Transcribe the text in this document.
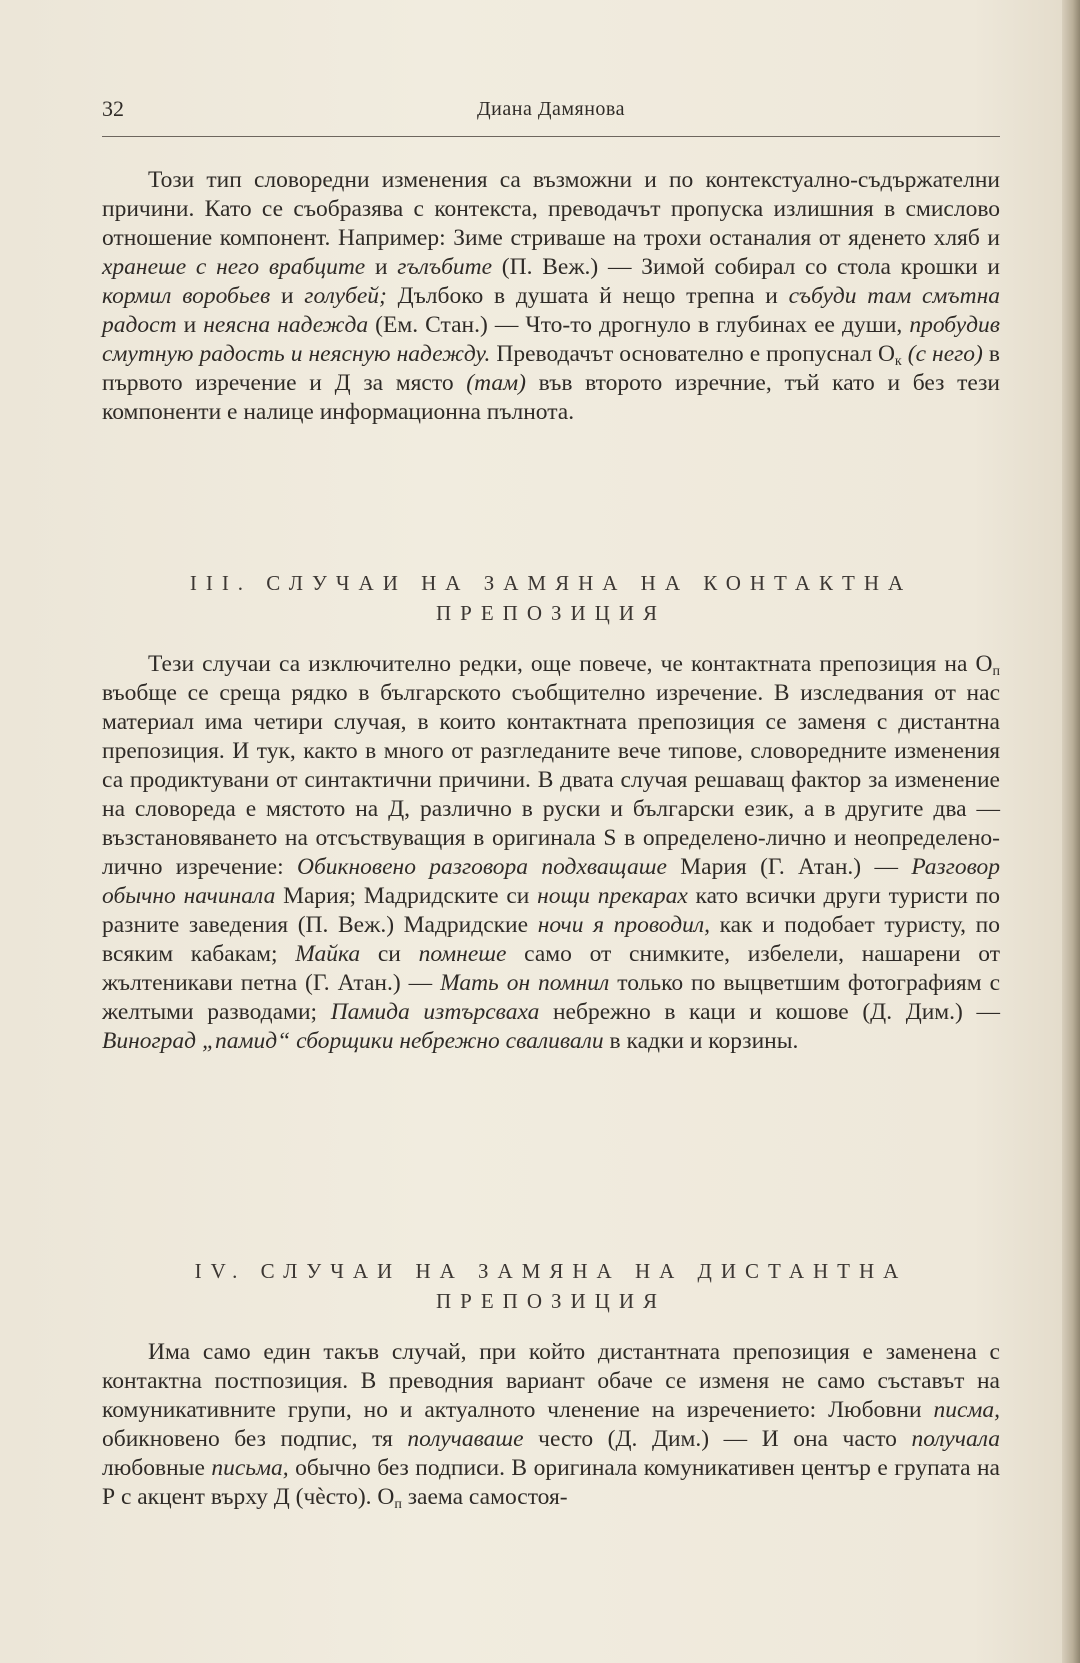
32	Диана Дамянова

Този тип словоредни изменения са възможни и по контекстуално-съдържателни причини. Като се съобразява с контекста, преводачът пропуска излишния в смислово отношение компонент. Например: Зиме стриваше на трохи останалия от яденето хляб и хранеше с него врабците и гълъбите (П. Веж.) — Зимой собирал со стола крошки и кормил воробьев и голубей; Дълбоко в душата й нещо трепна и събуди там смътна радост и неясна надежда (Ем. Стан.) — Что-то дрогнуло в глубинах ее души, пробудив смутную радость и неясную надежду. Преводачът основателно е пропуснал $О_к$ (с него) в първото изречение и Д за място (там) във второто изречние, тъй като и без тези компоненти е налице информационна пълнота.

III. СЛУЧАИ НА ЗАМЯНА НА КОНТАКТНА
ПРЕПОЗИЦИЯ

Тези случаи са изключително редки, още повече, че контактната препозиция на $О_п$ въобще се среща рядко в българското съобщително изречение. В изследвания от нас материал има четири случая, в които контактната препозиция се заменя с дистантна препозиция. И тук, както в много от разгледаните вече типове, словоредните изменения са продиктувани от синтактични причини. В двата случая решаващ фактор за изменение на словореда е мястото на Д, различно в руски и български език, а в другите два — възстановяването на отсъствуващия в оригинала S в определено-лично и неопределено-лично изречение: Обикновено разговора подхващаше Мария (Г. Атан.) — Разговор обычно начинала Мария; Мадридските си нощи прекарах като всички други туристи по разните заведения (П. Веж.) Мадридские ночи я проводил, как и подобает туристу, по всяким кабакам; Майка си помнеше само от снимките, избелели, нашарени от жълтеникави петна (Г. Атан.) — Мать он помнил только по выцветшим фотографиям с желтыми разводами; Памида изтърсваха небрежно в каци и кошове (Д. Дим.) — Виноград „памид“ сборщики небрежно сваливали в кадки и корзины.

IV. СЛУЧАИ НА ЗАМЯНА НА ДИСТАНТНА
ПРЕПОЗИЦИЯ

Има само един такъв случай, при който дистантната препозиция е заменена с контактна постпозиция. В преводния вариант обаче се изменя не само съставът на комуникативните групи, но и актуалното членение на изречението: Любовни писма, обикновено без подпис, тя получаваше често (Д. Дим.) — И она часто получала любовные письма, обычно без подписи. В оригинала комуникативен център е групата на Р с акцент върху Д (чѐсто). $О_п$ заема самостоя-
